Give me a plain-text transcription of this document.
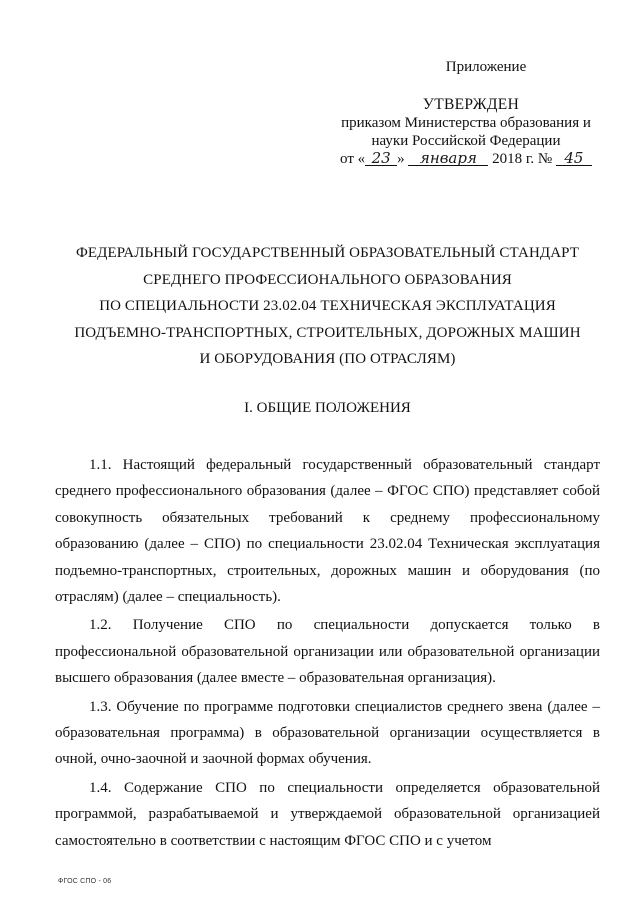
Приложение
УТВЕРЖДЕН
приказом Министерства образования и
науки Российской Федерации
от « 23 » января 2018 г. № 45
ФЕДЕРАЛЬНЫЙ ГОСУДАРСТВЕННЫЙ ОБРАЗОВАТЕЛЬНЫЙ СТАНДАРТ
СРЕДНЕГО ПРОФЕССИОНАЛЬНОГО ОБРАЗОВАНИЯ
ПО СПЕЦИАЛЬНОСТИ 23.02.04 ТЕХНИЧЕСКАЯ ЭКСПЛУАТАЦИЯ
ПОДЪЕМНО-ТРАНСПОРТНЫХ, СТРОИТЕЛЬНЫХ, ДОРОЖНЫХ МАШИН
И ОБОРУДОВАНИЯ (ПО ОТРАСЛЯМ)
I. ОБЩИЕ ПОЛОЖЕНИЯ

1.1. Настоящий федеральный государственный образовательный стандарт среднего профессионального образования (далее – ФГОС СПО) представляет собой совокупность обязательных требований к среднему профессиональному образованию (далее – СПО) по специальности 23.02.04 Техническая эксплуатация подъемно-транспортных, строительных, дорожных машин и оборудования (по отраслям) (далее – специальность).

1.2. Получение СПО по специальности допускается только в профессиональной образовательной организации или образовательной организации высшего образования (далее вместе – образовательная организация).

1.3. Обучение по программе подготовки специалистов среднего звена (далее – образовательная программа) в образовательной организации осуществляется в очной, очно-заочной и заочной формах обучения.

1.4. Содержание СПО по специальности определяется образовательной программой, разрабатываемой и утверждаемой образовательной организацией самостоятельно в соответствии с настоящим ФГОС СПО и с учетом

ФГОС СПО - 06
